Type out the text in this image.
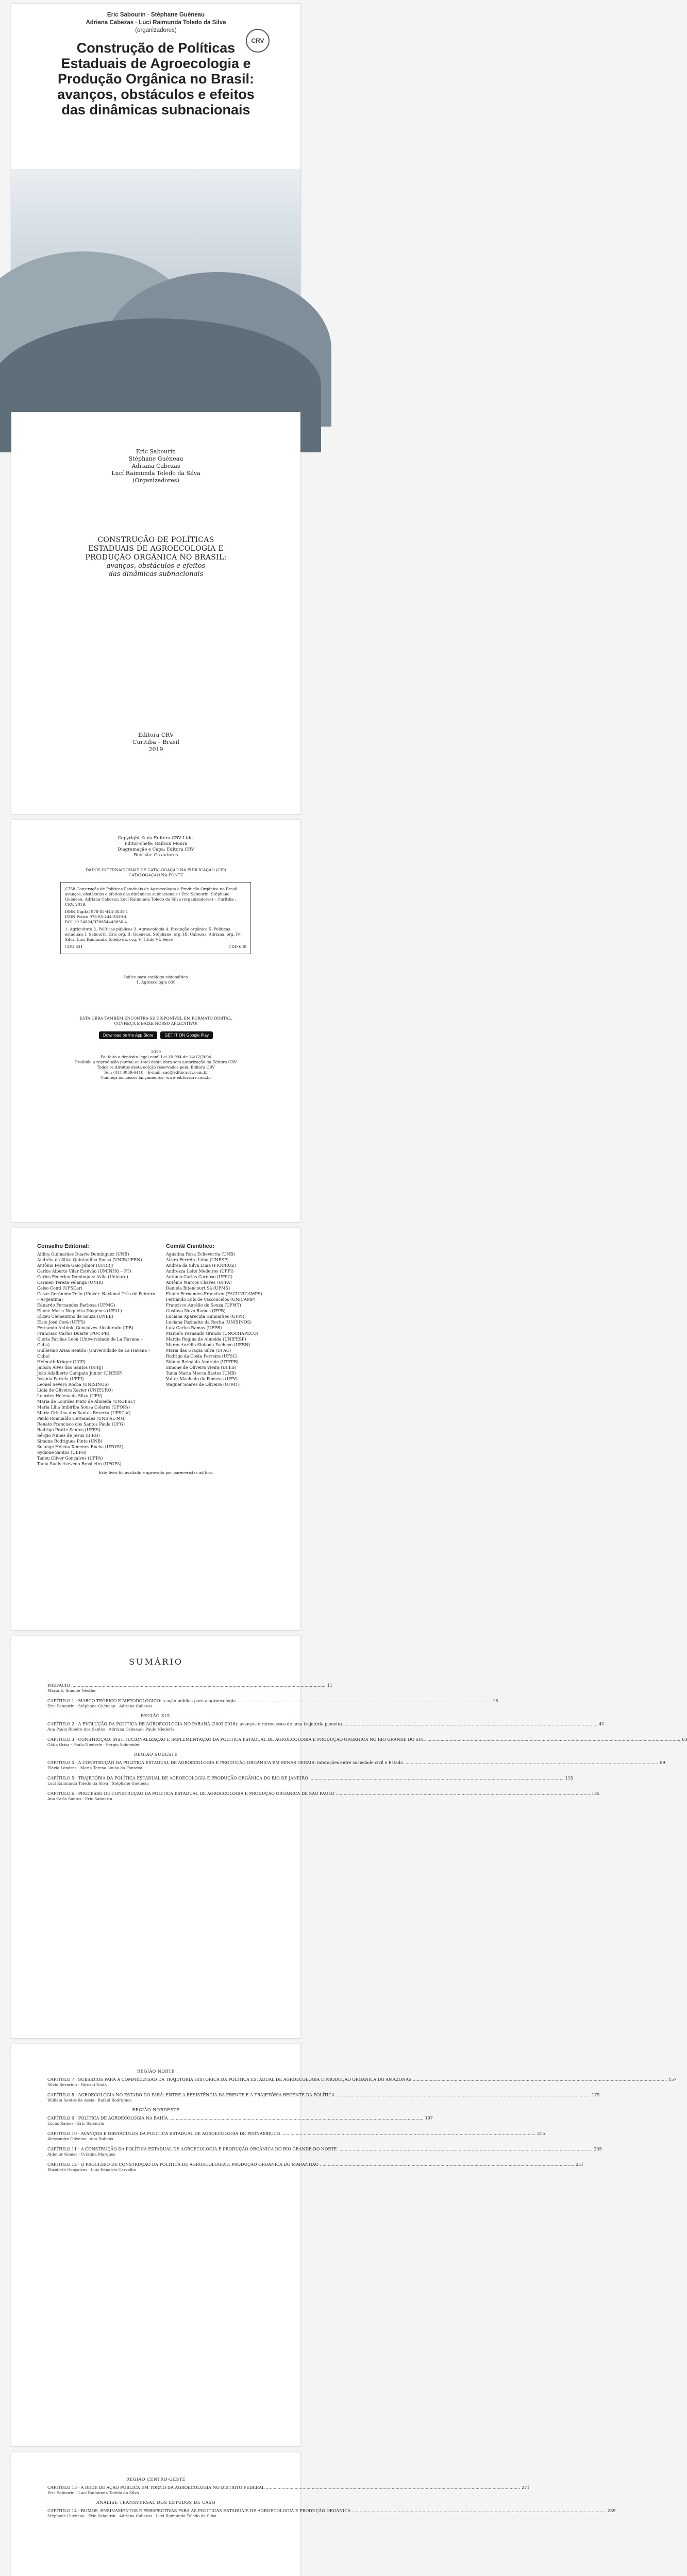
Eric Sabourin · Stéphane Guéneau
Adriana Cabezas · Lucí Raimunda Toledo da Silva
(organizadores)
CRV
Construção de Políticas
Estaduais de Agroecologia e
Produção Orgânica no Brasil:
avanços, obstáculos e efeitos
das dinâmicas subnacionais
Eric Sabourin
Stéphane Guéneau
Adriana Cabezas
Lucí Raimunda Toledo da Silva
(Organizadores)
CONSTRUÇÃO DE POLÍTICAS
ESTADUAIS DE AGROECOLOGIA E
PRODUÇÃO ORGÂNICA NO BRASIL:
avanços, obstáculos e efeitos
das dinâmicas subnacionais
Editora CRV
Curitiba – Brasil
2019
Copyright © da Editora CRV Ltda.
Editor-chefe: Railson Moura
Diagramação e Capa: Editora CRV
Revisão: Os autores
DADOS INTERNACIONAIS DE CATALOGAÇÃO NA PUBLICAÇÃO (CIP)
CATALOGAÇÃO NA FONTE
C758 Construção de Políticas Estaduais de Agroecologia e Produção Orgânica no Brasil: avanços, obstáculos e efeitos das dinâmicas subnacionais / Eric Sabourin, Stéphane Guéneau, Adriana Cabezas, Lucí Raimunda Toledo da Silva (organizadores) – Curitiba : CRV, 2019.
ISBN Digital 978-85-444-3831-1
ISBN Físico 978-85-444-3830-4
DOI 10.24824/978854443830.4
1. Agricultura 2. Políticas públicas 3. Agroecologia 4. Produção orgânica 5. Políticas estaduais I. Sabourin, Eric org. II. Guéneau, Stéphane. org. III. Cabezas, Adriana. org. IV. Silva, Lucí Raimunda Toledo da. org. V. Título VI. Série
CDU 631	CDD 630
Índice para catálogo sistemático
1. Agroecologia 630
ESTA OBRA TAMBÉM ENCONTRA-SE DISPONÍVEL EM FORMATO DIGITAL.
CONHEÇA E BAIXE NOSSO APLICATIVO!
Download on the App Store	GET IT ON Google Play
2019
Foi feito o depósito legal conf. Lei 10.994 de 14/12/2004
Proibida a reprodução parcial ou total desta obra sem autorização da Editora CRV
Todos os direitos desta edição reservados pela: Editora CRV
Tel.: (41) 3039-6418 – E-mail: sac@editoracrv.com.br
Conheça os nossos lançamentos: www.editoracrv.com.br
Conselho Editorial:
Aldira Guimarães Duarte Domínguez (UNB)
Andréia da Silva Quintanilha Sousa (UNIR/UFRN)
Antônio Pereira Gaio Júnior (UFRRJ)
Carlos Alberto Vilar Estêvão (UMINHO – PT)
Carlos Federico Dominguez Avila (Unieuro)
Carmen Tereza Velanga (UNIR)
Celso Conti (UFSCar)
Cesar Gerónimo Tello (Univer. Nacional Três de Febrero – Argentina)
Eduardo Fernandes Barbosa (UFMG)
Elione Maria Nogueira Diogenes (UFAL)
Elizeu Clementino de Souza (UNEB)
Élsio José Corá (UFFS)
Fernando Antônio Gonçalves Alcoforado (IPB)
Francisco Carlos Duarte (PUC-PR)
Gloria Fariñas León (Universidade de La Havana – Cuba)
Guillermo Arias Beatón (Universidade de La Havana – Cuba)
Helmuth Krüger (UCP)
Jailson Alves dos Santos (UFRJ)
João Adalberto Campato Junior (UNESP)
Josania Portela (UFPI)
Leonel Severo Rocha (UNISINOS)
Lídia de Oliveira Xavier (UNIEURO)
Lourdes Helena da Silva (UFV)
Maria de Lourdes Pinto de Almeida (UNOESC)
Maria Lília Imbiriba Sousa Colares (UFOPA)
Maria Cristina dos Santos Bezerra (UFSCar)
Paulo Romualdo Hernandes (UNIFAL-MG)
Renato Francisco dos Santos Paula (UFG)
Rodrigo Pratte-Santos (UFES)
Sérgio Nunes de Jesus (IFRO)
Simone Rodrigues Pinto (UNB)
Solange Helena Ximenes-Rocha (UFOPA)
Sydione Santos (UEPG)
Tadeu Oliver Gonçalves (UFPA)
Tania Suely Azevedo Brasileiro (UFOPA)
Comitê Científico:
Agustina Rosa Echeverría (UNB)
Alzira Ferreira Lima (UNESP)
Andrea da Silva Lima (FIOCRUZ)
Andrezza Leite Medeiros (UFPI)
Antônio Carlos Cardoso (UFSC)
Antônio Marcos Chaves (UFPA)
Daniela Bitencourt Sá (UFMS)
Eliane Fernandes Francisco (FACUNICAMPS)
Fernando Luís de Vasconcelos (UNICAMP)
Francisco Aurélio de Souza (UFMT)
Gustavo Novo Ramos (IFPB)
Luciana Aparecida Guimarães (UFPR)
Luciana Pazinatto da Rocha (UNISINOS)
Luiz Carlos Ramos (UFPB)
Marcelo Fernando Grando (UNOCHAPECÓ)
Marcia Regina de Almeida (UNIFESP)
Marco Aurélio Sloboda Pacheco (UFRN)
Maria das Graças Silva (UFAC)
Rodrigo da Costa Ferreira (UFSC)
Sidney Reinaldo Andrade (UTFPR)
Simone de Oliveira Vieira (UFES)
Tania Maria Mecca Bastos (UNB)
Valter Machado da Fonseca (UFV)
Wagner Soares de Oliveira (UFMT)
Este livro foi avaliado e aprovado por pareceristas ad hoc.
SUMÁRIO
PREFÁCIO .....	11
Maria E. Simone Nestler
CAPÍTULO 1 · MARCO TEÓRICO E METODOLÓGICO: a ação pública para a agroecologia .....	15
Eric Sabourin · Stéphane Guéneau · Adriana Cabezas
REGIÃO SUL
CAPÍTULO 2 · A EVOLUÇÃO DA POLÍTICA DE AGROECOLOGIA NO PARANÁ (2003-2016): avanços e retrocessos de uma trajetória pioneira .....	41
Ana Paula Ribeiro dos Santos · Adriana Cabezas · Paulo Niederle
CAPÍTULO 3 · CONSTRUÇÃO, INSTITUCIONALIZAÇÃO E IMPLEMENTAÇÃO DA POLÍTICA ESTADUAL DE AGROECOLOGIA E PRODUÇÃO ORGÂNICA NO RIO GRANDE DO SUL .....	63
Cátia Grisa · Paulo Niederle · Sérgio Schneider
REGIÃO SUDESTE
CAPÍTULO 4 · A CONSTRUÇÃO DA POLÍTICA ESTADUAL DE AGROECOLOGIA E PRODUÇÃO ORGÂNICA EM MINAS GERAIS: interações entre sociedade civil e Estado .....	89
Flávia Londres · Maria Teresa Lousa da Fonseca
CAPÍTULO 5 · TRAJETÓRIA DA POLÍTICA ESTADUAL DE AGROECOLOGIA E PRODUÇÃO ORGÂNICA DO RIO DE JANEIRO .....	115
Lucí Raimunda Toledo da Silva · Stéphane Guéneau
CAPÍTULO 6 · PROCESSO DE CONSTRUÇÃO DA POLÍTICA ESTADUAL DE AGROECOLOGIA E PRODUÇÃO ORGÂNICA DE SÃO PAULO .....	135
Ana Carla Santos · Eric Sabourin
REGIÃO NORTE
CAPÍTULO 7 · SUBSÍDIOS PARA A COMPREENSÃO DA TRAJETÓRIA HISTÓRICA DA POLÍTICA ESTADUAL DE AGROECOLOGIA E PRODUÇÃO ORGÂNICA DO AMAZONAS .....	157
Silvio Sevarino · Hiroshi Noda
CAPÍTULO 8 · AGROECOLOGIA NO ESTADO DO PARÁ: ENTRE A RESISTÊNCIA DA FRENTE E A TRAJETÓRIA RECENTE DA POLÍTICA .....	179
William Santos de Assis · Rafael Rodrigues
REGIÃO NORDESTE
CAPÍTULO 9 · POLÍTICA DE AGROECOLOGIA NA BAHIA .....	197
Lucas Ramos · Eric Sabourin
CAPÍTULO 10 · AVANÇOS E OBSTÁCULOS DA POLÍTICA ESTADUAL DE AGROECOLOGIA DE PERNAMBUCO .....	215
Alessandra Oliveira · Ana Dubeux
CAPÍTULO 11 · A CONSTRUÇÃO DA POLÍTICA ESTADUAL DE AGROECOLOGIA E PRODUÇÃO ORGÂNICA DO RIO GRANDE DO NORTE .....	235
Aldenor Gomes · Cristina Marques
CAPÍTULO 12 · O PROCESSO DE CONSTRUÇÃO DA POLÍTICA DE AGROECOLOGIA E PRODUÇÃO ORGÂNICA DO MARANHÃO .....	251
Elizabeth Gonçalves · Luiz Eduardo Carvalho
REGIÃO CENTRO-OESTE
CAPÍTULO 13 · A REDE DE AÇÃO PÚBLICA EM TORNO DA AGROECOLOGIA NO DISTRITO FEDERAL .....	271
Eric Sabourin · Lucí Raimunda Toledo da Silva
ANÁLISE TRANSVERSAL DOS ESTUDOS DE CASO
CAPÍTULO 14 · RUMOS, ENSINAMENTOS E PERSPECTIVAS PARA AS POLÍTICAS ESTADUAIS DE AGROECOLOGIA E PRODUÇÃO ORGÂNICA .....	289
Stéphane Guéneau · Eric Sabourin · Adriana Cabezas · Lucí Raimunda Toledo da Silva
